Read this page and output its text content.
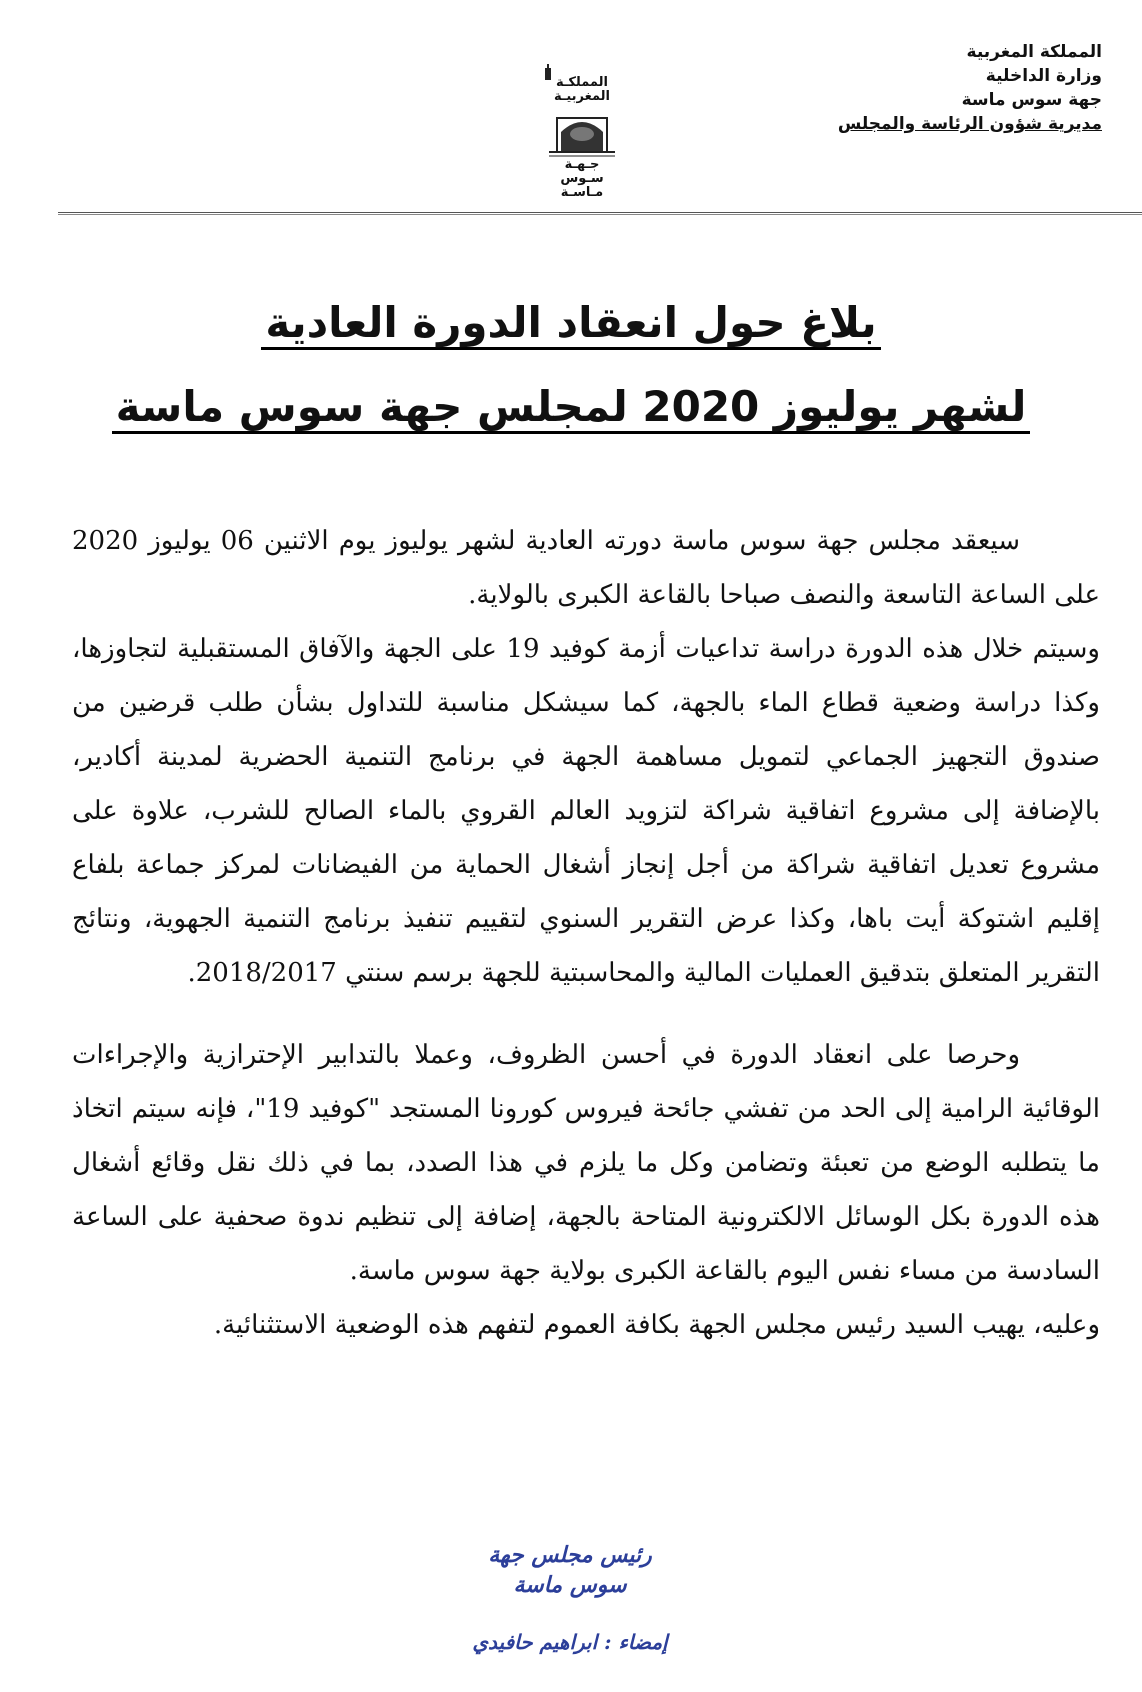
المملكة المغربية
وزارة الداخلية
جهة سوس ماسة
مديرية شؤون الرئاسة والمجلس
المملكـة
المغربيـة
جـهـة
سـوس
مـاسـة
بلاغ حول انعقاد الدورة العادية
لشهر يوليوز 2020 لمجلس جهة سوس ماسة

سيعقد مجلس جهة سوس ماسة دورته العادية لشهر يوليوز يوم الاثنين 06 يوليوز 2020 على الساعة التاسعة والنصف صباحا بالقاعة الكبرى بالولاية.

وسيتم خلال هذه الدورة دراسة تداعيات أزمة كوفيد 19 على الجهة والآفاق المستقبلية لتجاوزها، وكذا دراسة وضعية قطاع الماء بالجهة، كما سيشكل مناسبة للتداول بشأن طلب قرضين من صندوق التجهيز الجماعي لتمويل مساهمة الجهة في برنامج التنمية الحضرية لمدينة أكادير، بالإضافة إلى مشروع اتفاقية شراكة لتزويد العالم القروي بالماء الصالح للشرب، علاوة على مشروع تعديل اتفاقية شراكة من أجل إنجاز أشغال الحماية من الفيضانات لمركز جماعة بلفاع إقليم اشتوكة أيت باها، وكذا عرض التقرير السنوي لتقييم تنفيذ برنامج التنمية الجهوية، ونتائج التقرير المتعلق بتدقيق العمليات المالية والمحاسبتية للجهة برسم سنتي 2018/2017.

وحرصا على انعقاد الدورة في أحسن الظروف، وعملا بالتدابير الإحترازية والإجراءات الوقائية الرامية إلى الحد من تفشي جائحة فيروس كورونا المستجد "كوفيد 19"، فإنه سيتم اتخاذ ما يتطلبه الوضع من تعبئة وتضامن وكل ما يلزم في هذا الصدد، بما في ذلك نقل وقائع أشغال هذه الدورة بكل الوسائل الالكترونية المتاحة بالجهة، إضافة إلى تنظيم ندوة صحفية على الساعة السادسة من مساء نفس اليوم بالقاعة الكبرى بولاية جهة سوس ماسة.

وعليه، يهيب السيد رئيس مجلس الجهة بكافة العموم لتفهم هذه الوضعية الاستثنائية.

رئيس مجلس جهة
سوس ماسة
إمضاء : ابراهيم حافيدي
